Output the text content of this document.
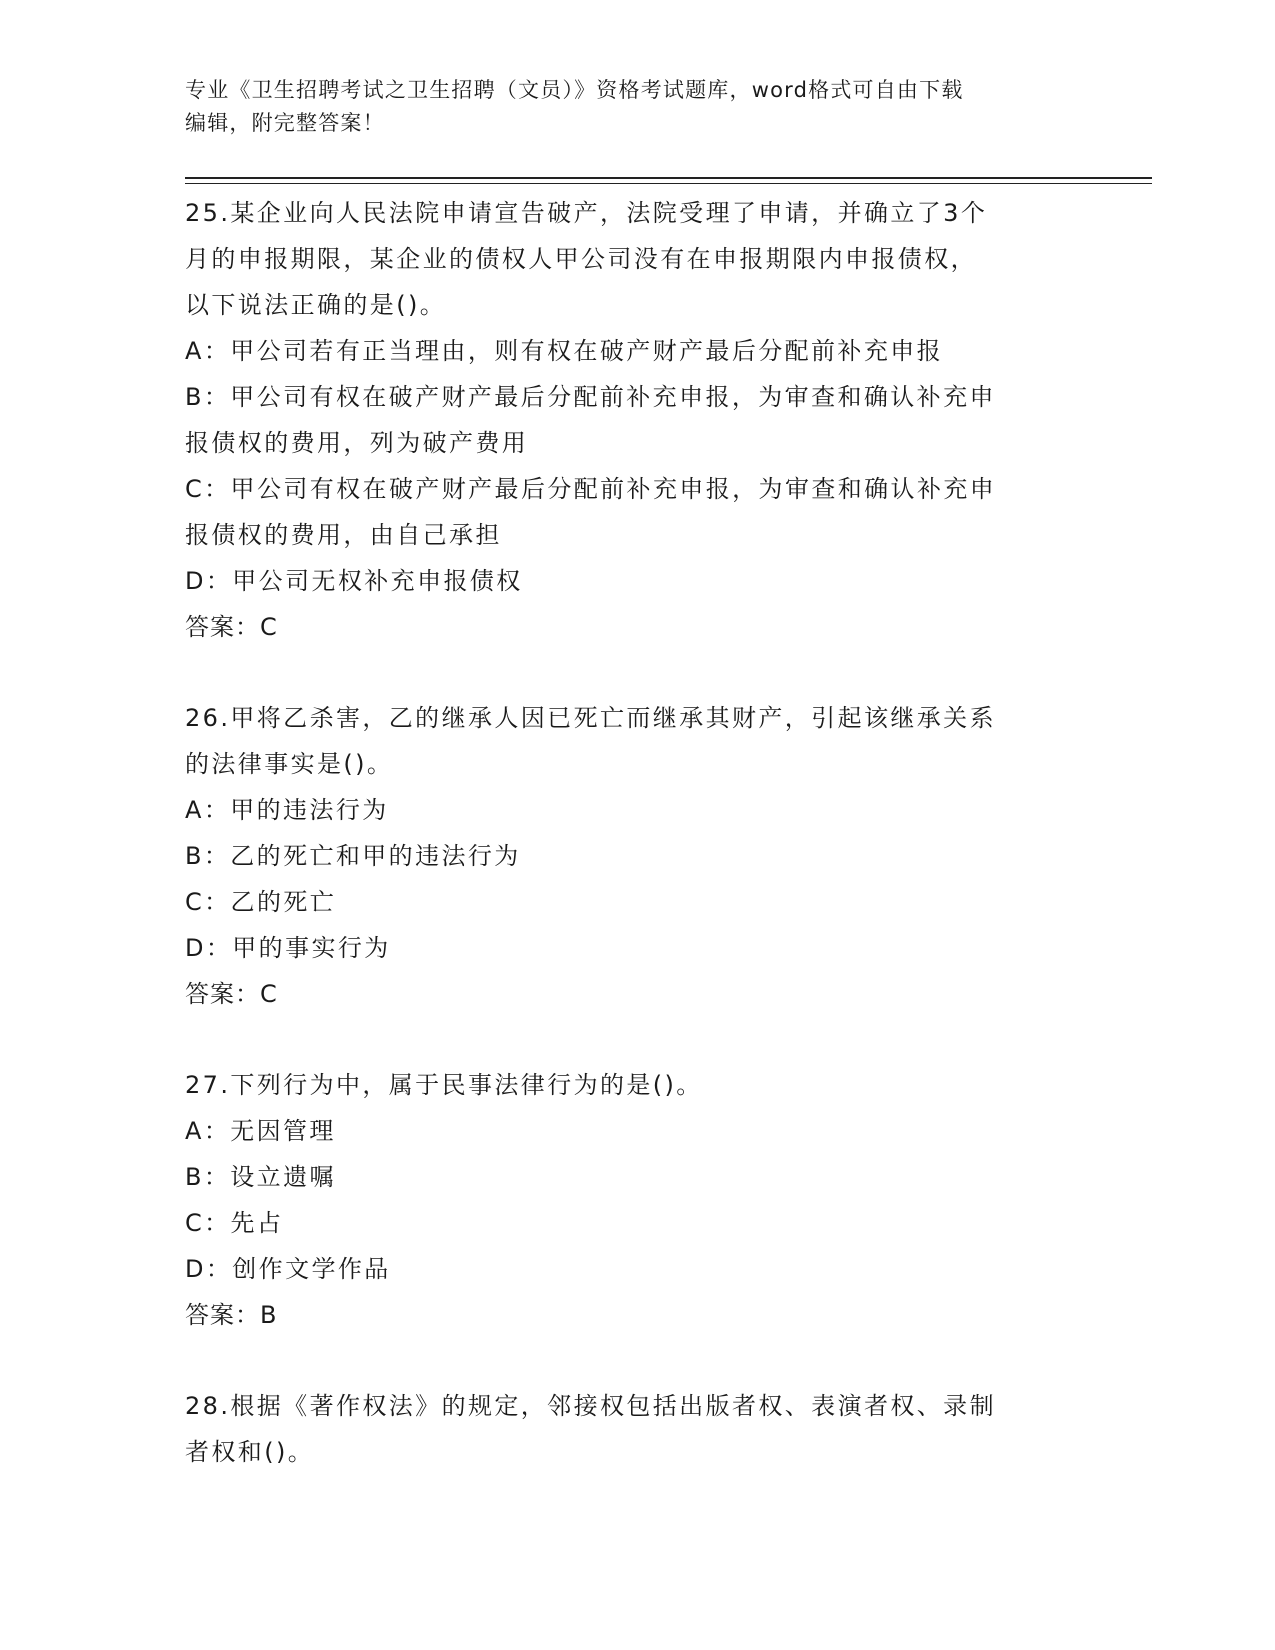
专业《卫生招聘考试之卫生招聘（文员）》资格考试题库，word格式可自由下载
编辑，附完整答案！
25.某企业向人民法院申请宣告破产，法院受理了申请，并确立了3个
月的申报期限，某企业的债权人甲公司没有在申报期限内申报债权，
以下说法正确的是()。
A：甲公司若有正当理由，则有权在破产财产最后分配前补充申报
B：甲公司有权在破产财产最后分配前补充申报，为审查和确认补充申
报债权的费用，列为破产费用
C：甲公司有权在破产财产最后分配前补充申报，为审查和确认补充申
报债权的费用，由自己承担
D：甲公司无权补充申报债权
答案：C
26.甲将乙杀害，乙的继承人因已死亡而继承其财产，引起该继承关系
的法律事实是()。
A：甲的违法行为
B：乙的死亡和甲的违法行为
C：乙的死亡
D：甲的事实行为
答案：C
27.下列行为中，属于民事法律行为的是()。
A：无因管理
B：设立遗嘱
C：先占
D：创作文学作品
答案：B
28.根据《著作权法》的规定，邻接权包括出版者权、表演者权、录制
者权和()。
